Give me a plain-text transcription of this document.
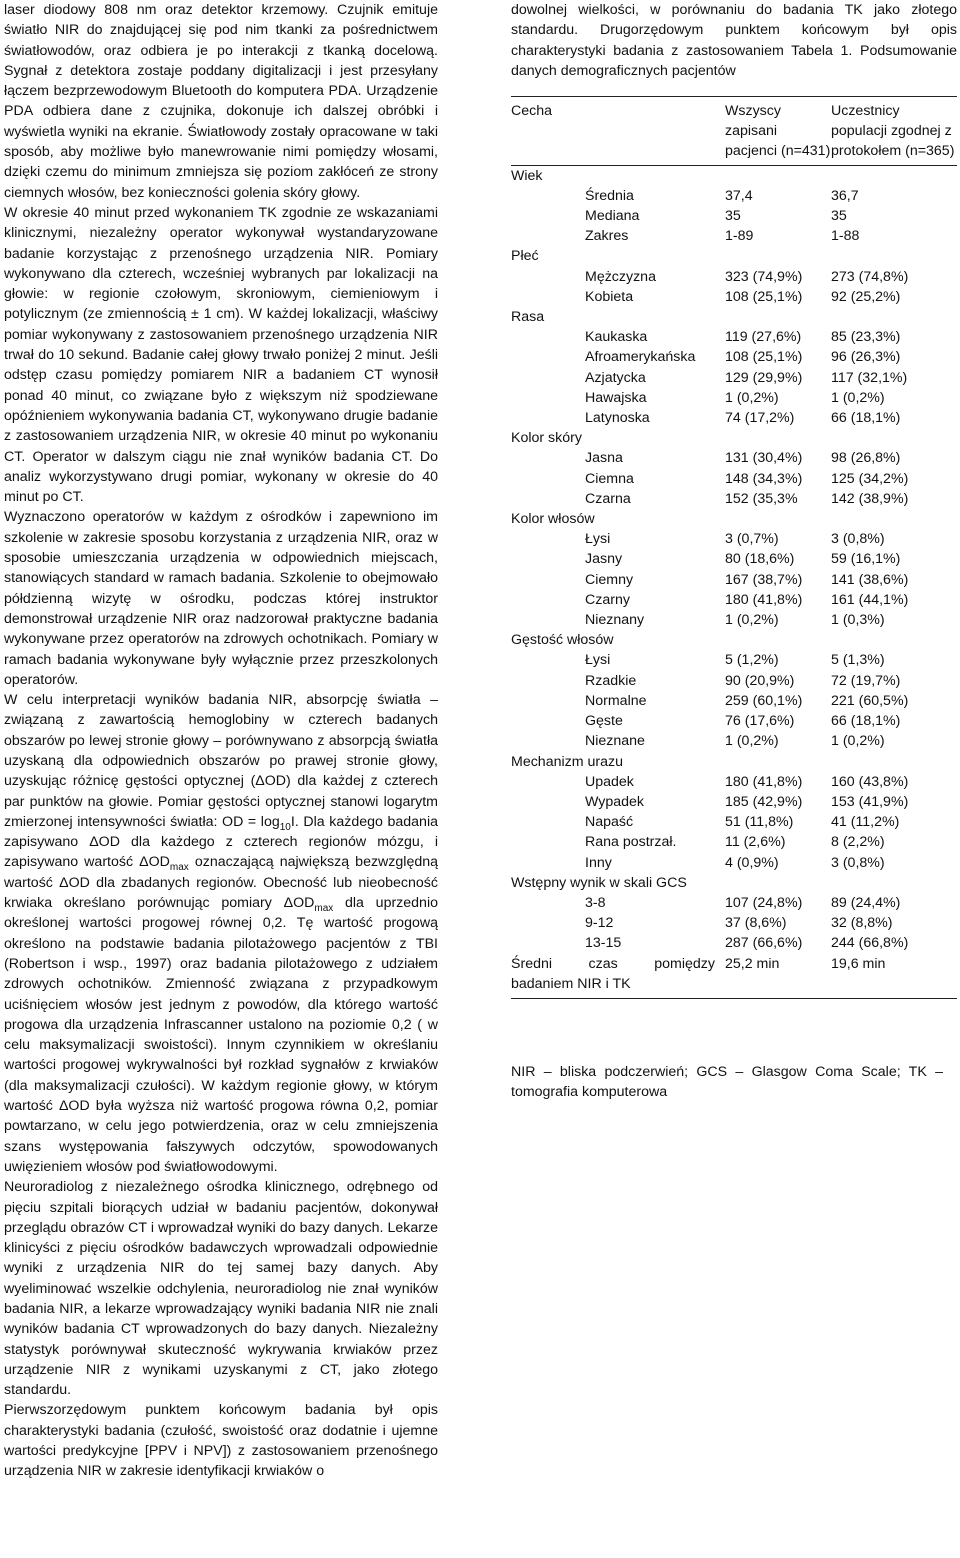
laser diodowy 808 nm oraz detektor krzemowy. Czujnik emituje światło NIR do znajdującej się pod nim tkanki za pośrednictwem światłowodów, oraz odbiera je po interakcji z tkanką docelową. Sygnał z detektora zostaje poddany digitalizacji i jest przesyłany łączem bezprzewodowym Bluetooth do komputera PDA. Urządzenie PDA odbiera dane z czujnika, dokonuje ich dalszej obróbki i wyświetla wyniki na ekranie. Światłowody zostały opracowane w taki sposób, aby możliwe było manewrowanie nimi pomiędzy włosami, dzięki czemu do minimum zmniejsza się poziom zakłóceń ze strony ciemnych włosów, bez konieczności golenia skóry głowy.

W okresie 40 minut przed wykonaniem TK zgodnie ze wskazaniami klinicznymi, niezależny operator wykonywał wystandaryzowane badanie korzystając z przenośnego urządzenia NIR. Pomiary wykonywano dla czterech, wcześniej wybranych par lokalizacji na głowie: w regionie czołowym, skroniowym, ciemieniowym i potylicznym (ze zmiennością ± 1 cm). W każdej lokalizacji, właściwy pomiar wykonywany z zastosowaniem przenośnego urządzenia NIR trwał do 10 sekund. Badanie całej głowy trwało poniżej 2 minut. Jeśli odstęp czasu pomiędzy pomiarem NIR a badaniem CT wynosił ponad 40 minut, co związane było z większym niż spodziewane opóźnieniem wykonywania badania CT, wykonywano drugie badanie z zastosowaniem urządzenia NIR, w okresie 40 minut po wykonaniu CT. Operator w dalszym ciągu nie znał wyników badania CT. Do analiz wykorzystywano drugi pomiar, wykonany w okresie do 40 minut po CT.

Wyznaczono operatorów w każdym z ośrodków i zapewniono im szkolenie w zakresie sposobu korzystania z urządzenia NIR, oraz w sposobie umieszczania urządzenia w odpowiednich miejscach, stanowiących standard w ramach badania. Szkolenie to obejmowało półdzienną wizytę w ośrodku, podczas której instruktor demonstrował urządzenie NIR oraz nadzorował praktyczne badania wykonywane przez operatorów na zdrowych ochotnikach. Pomiary w ramach badania wykonywane były wyłącznie przez przeszkolonych operatorów.

W celu interpretacji wyników badania NIR, absorpcję światła – związaną z zawartością hemoglobiny w czterech badanych obszarów po lewej stronie głowy – porównywano z absorpcją światła uzyskaną dla odpowiednich obszarów po prawej stronie głowy, uzyskując różnicę gęstości optycznej (ΔOD) dla każdej z czterech par punktów na głowie. Pomiar gęstości optycznej stanowi logarytm zmierzonej intensywności światła: OD = $\log_{10}I$. Dla każdego badania zapisywano ΔOD dla każdego z czterech regionów mózgu, i zapisywano wartość $\Delta OD_{max}$ oznaczającą największą bezwzględną wartość ΔOD dla zbadanych regionów. Obecność lub nieobecność krwiaka określano porównując pomiary $\Delta OD_{max}$ dla uprzednio określonej wartości progowej równej 0,2. Tę wartość progową określono na podstawie badania pilotażowego pacjentów z TBI (Robertson i wsp., 1997) oraz badania pilotażowego z udziałem zdrowych ochotników. Zmienność związana z przypadkowym uciśnięciem włosów jest jednym z powodów, dla którego wartość progowa dla urządzenia Infrascanner ustalono na poziomie 0,2 ( w celu maksymalizacji swoistości). Innym czynnikiem w określaniu wartości progowej wykrywalności był rozkład sygnałów z krwiaków (dla maksymalizacji czułości). W każdym regionie głowy, w którym wartość ΔOD była wyższa niż wartość progowa równa 0,2, pomiar powtarzano, w celu jego potwierdzenia, oraz w celu zmniejszenia szans występowania fałszywych odczytów, spowodowanych uwięzieniem włosów pod światłowodowymi.

Neuroradiolog z niezależnego ośrodka klinicznego, odrębnego od pięciu szpitali biorących udział w badaniu pacjentów, dokonywał przeglądu obrazów CT i wprowadzał wyniki do bazy danych. Lekarze klinicyści z pięciu ośrodków badawczych wprowadzali odpowiednie wyniki z urządzenia NIR do tej samej bazy danych. Aby wyeliminować wszelkie odchylenia, neuroradiolog nie znał wyników badania NIR, a lekarze wprowadzający wyniki badania NIR nie znali wyników badania CT wprowadzonych do bazy danych. Niezależny statystyk porównywał skuteczność wykrywania krwiaków przez urządzenie NIR z wynikami uzyskanymi z CT, jako złotego standardu.

Pierwszorzędowym punktem końcowym badania był opis charakterystyki badania (czułość, swoistość oraz dodatnie i ujemne wartości predykcyjne [PPV i NPV]) z zastosowaniem przenośnego urządzenia NIR w zakresie identyfikacji krwiaków o

dowolnej wielkości, w porównaniu do badania TK jako złotego standardu. Drugorzędowym punktem końcowym był opis charakterystyki badania z zastosowaniem Tabela 1. Podsumowanie danych demograficznych pacjentów

Cecha		Wszyscy zapisani pacjenci (n=431)	Uczestnicy populacji zgodnej z protokołem (n=365)
Wiek			
	Średnia	37,4	36,7
	Mediana	35	35
	Zakres	1-89	1-88
Płeć			
	Mężczyzna	323 (74,9%)	273 (74,8%)
	Kobieta	108 (25,1%)	92 (25,2%)
Rasa			
	Kaukaska	119 (27,6%)	85 (23,3%)
	Afroamerykańska	108 (25,1%)	96 (26,3%)
	Azjatycka	129 (29,9%)	117 (32,1%)
	Hawajska	1 (0,2%)	1 (0,2%)
	Latynoska	74 (17,2%)	66 (18,1%)
Kolor skóry			
	Jasna	131 (30,4%)	98 (26,8%)
	Ciemna	148 (34,3%)	125 (34,2%)
	Czarna	152 (35,3%	142 (38,9%)
Kolor włosów			
	Łysi	3 (0,7%)	3 (0,8%)
	Jasny	80 (18,6%)	59 (16,1%)
	Ciemny	167 (38,7%)	141 (38,6%)
	Czarny	180 (41,8%)	161 (44,1%)
	Nieznany	1 (0,2%)	1 (0,3%)
Gęstość włosów			
	Łysi	5 (1,2%)	5 (1,3%)
	Rzadkie	90 (20,9%)	72 (19,7%)
	Normalne	259 (60,1%)	221 (60,5%)
	Gęste	76 (17,6%)	66 (18,1%)
	Nieznane	1 (0,2%)	1 (0,2%)
Mechanizm urazu			
	Upadek	180 (41,8%)	160 (43,8%)
	Wypadek	185 (42,9%)	153 (41,9%)
	Napaść	51 (11,8%)	41 (11,2%)
	Rana postrzał.	11 (2,6%)	8 (2,2%)
	Inny	4 (0,9%)	3 (0,8%)
Wstępny wynik w skali GCS			
	3-8	107 (24,8%)	89 (24,4%)
	9-12	37 (8,6%)	32 (8,8%)
	13-15	287 (66,6%)	244 (66,8%)
Średni czas pomiędzy badaniem NIR i TK		25,2 min	19,6 min

NIR – bliska podczerwień; GCS – Glasgow Coma Scale; TK – tomografia komputerowa
